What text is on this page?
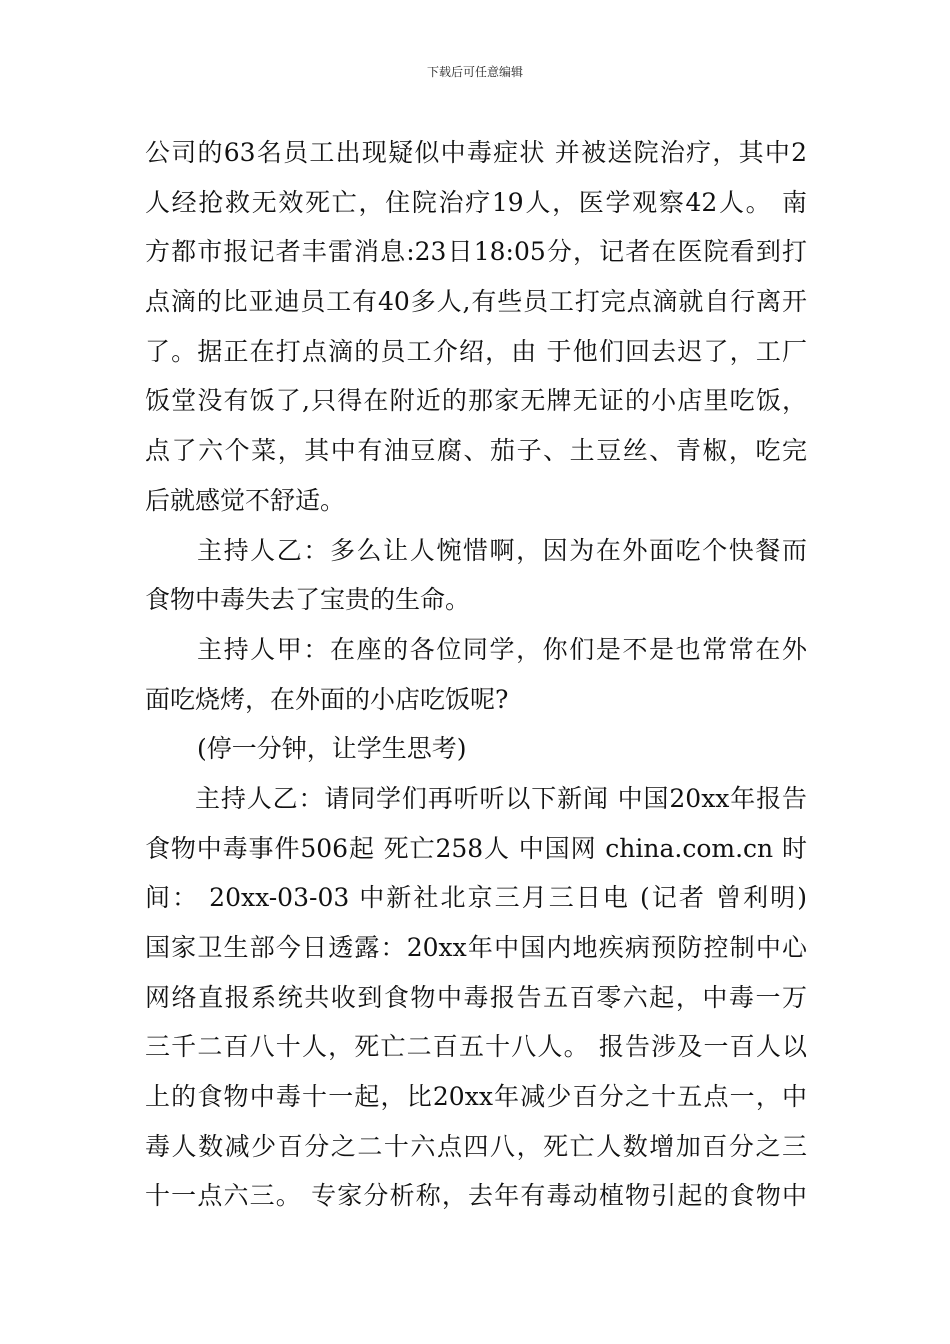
下载后可任意编辑
公司的63名员工出现疑似中毒症状 并被送院治疗，其中2
人经抢救无效死亡，住院治疗19人，医学观察42人。 南
方都市报记者丰雷消息:23日18:05分，记者在医院看到打
点滴的比亚迪员工有40多人,有些员工打完点滴就自行离开
了。据正在打点滴的员工介绍，由 于他们回去迟了，工厂
饭堂没有饭了,只得在附近的那家无牌无证的小店里吃饭，
点了六个菜，其中有油豆腐、茄子、土豆丝、青椒，吃完
后就感觉不舒适。
主持人乙：多么让人惋惜啊，因为在外面吃个快餐而
食物中毒失去了宝贵的生命。
主持人甲：在座的各位同学，你们是不是也常常在外
面吃烧烤，在外面的小店吃饭呢?
(停一分钟，让学生思考)
主持人乙：请同学们再听听以下新闻 中国20xx年报告
食物中毒事件506起 死亡258人 中国网 china.com.cn 时
间： 20xx-03-03 中新社北京三月三日电 (记者 曾利明)
国家卫生部今日透露：20xx年中国内地疾病预防控制中心
网络直报系统共收到食物中毒报告五百零六起，中毒一万
三千二百八十人，死亡二百五十八人。 报告涉及一百人以
上的食物中毒十一起，比20xx年减少百分之十五点一，中
毒人数减少百分之二十六点四八，死亡人数增加百分之三
十一点六三。 专家分析称，去年有毒动植物引起的食物中
